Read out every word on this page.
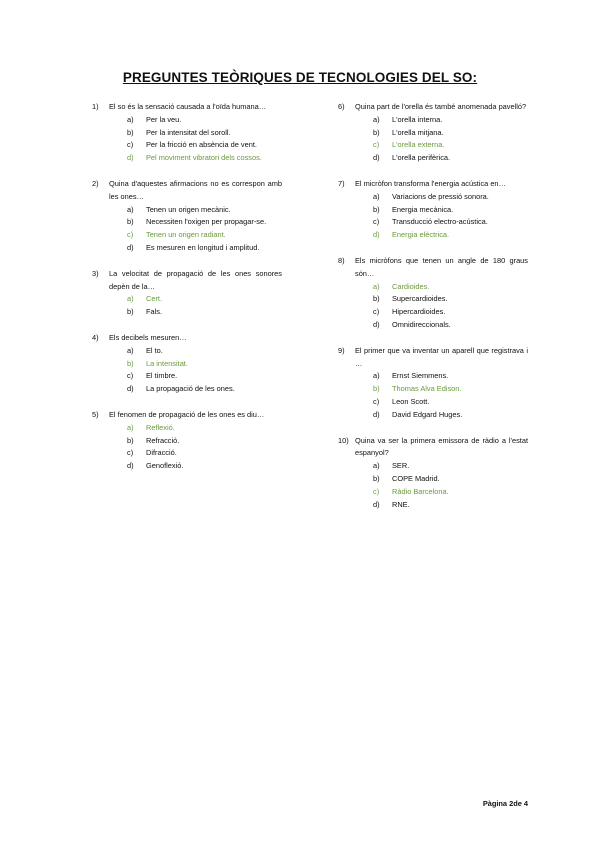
PREGUNTES TEÒRIQUES DE TECNOLOGIES DEL SO:
1) El so és la sensació causada a l'oïda humana…
a) Per la veu.
b) Per la intensitat del soroll.
c) Per la fricció en absència de vent.
d) Pel moviment vibratori dels cossos.
2) Quina d'aquestes afirmacions no es correspon amb les ones…
a) Tenen un origen mecànic.
b) Necessiten l'oxigen per propagar-se.
c) Tenen un origen radiant.
d) Es mesuren en longitud i amplitud.
3) La velocitat de propagació de les ones sonores depèn de la…
a) Cert.
b) Fals.
4) Els decibels mesuren…
a) El to.
b) La intensitat.
c) El timbre.
d) La propagació de les ones.
5) El fenomen de propagació de les ones es diu…
a) Reflexió.
b) Refracció.
c) Difracció.
d) Genoflexió.
6) Quina part de l'orella és també anomenada pavelló?
a) L'orella interna.
b) L'orella mitjana.
c) L'orella externa.
d) L'orella perifèrica.
7) El micròfon transforma l'energia acústica en…
a) Variacions de pressió sonora.
b) Energia mecànica.
c) Transducció electro-acústica.
d) Energia elèctrica.
8) Els micròfons que tenen un angle de 180 graus són…
a) Cardioides.
b) Supercardioides.
c) Hipercardioides.
d) Omnidireccionals.
9) El primer que va inventar un aparell que registrava i …
a) Ernst Siemmens.
b) Thomas Alva Edison.
c) Leon Scott.
d) David Edgard Huges.
10) Quina va ser la primera emissora de ràdio a l'estat espanyol?
a) SER.
b) COPE Madrid.
c) Ràdio Barcelona.
d) RNE.
Pàgina 2de 4
